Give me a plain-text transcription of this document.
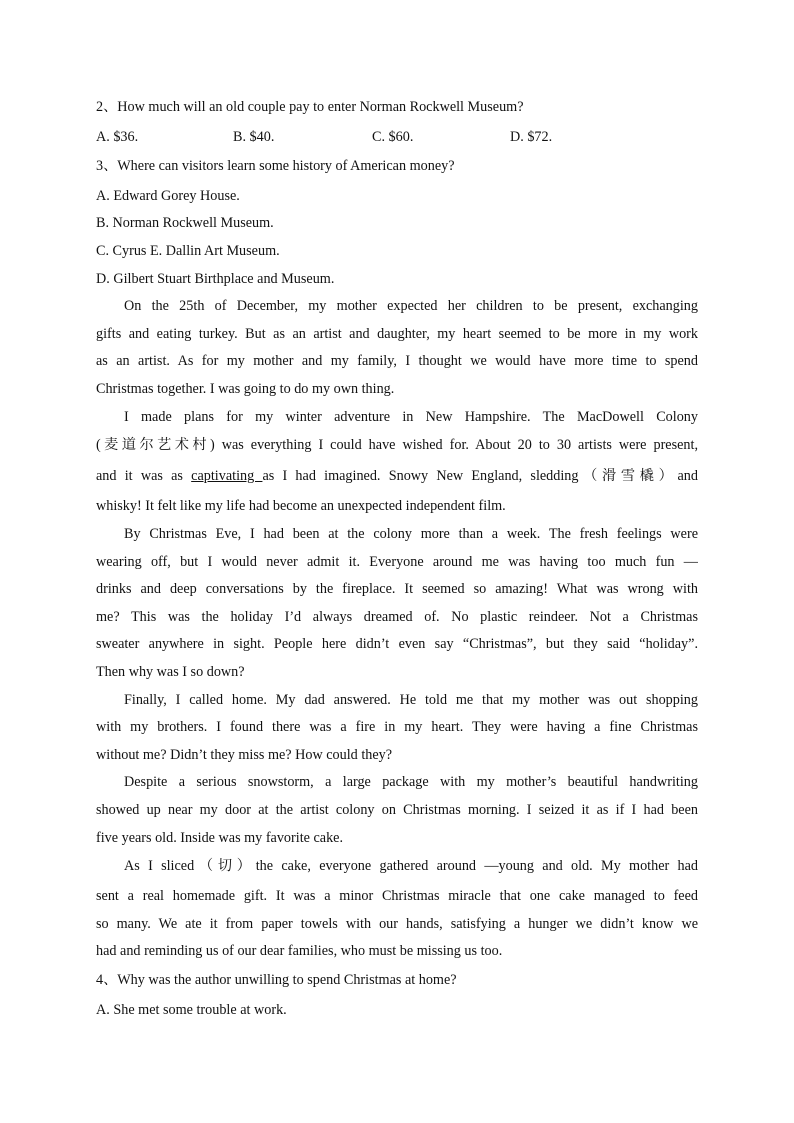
2、How much will an old couple pay to enter Norman Rockwell Museum?
A. $36.	B. $40.	C. $60.	D. $72.
3、Where can visitors learn some history of American money?
A. Edward Gorey House.
B. Norman Rockwell Museum.
C. Cyrus E. Dallin Art Museum.
D. Gilbert Stuart Birthplace and Museum.
On the 25th of December, my mother expected her children to be present, exchanging
gifts and eating turkey. But as an artist and daughter, my heart seemed to be more in my work
as an artist. As for my mother and my family, I thought we would have more time to spend
Christmas together. I was going to do my own thing.
I made plans for my winter adventure in New Hampshire. The MacDowell Colony
(麦道尔艺术村) was everything I could have wished for. About 20 to 30 artists were present,
and it was as captivating as I had imagined. Snowy New England, sledding（滑雪橇）and
whisky! It felt like my life had become an unexpected independent film.
By Christmas Eve, I had been at the colony more than a week. The fresh feelings were
wearing off, but I would never admit it. Everyone around me was having too much fun —
drinks and deep conversations by the fireplace. It seemed so amazing! What was wrong with
me? This was the holiday I’d always dreamed of. No plastic reindeer. Not a Christmas
sweater anywhere in sight. People here didn’t even say “Christmas”, but they said “holiday”.
Then why was I so down?
Finally, I called home. My dad answered. He told me that my mother was out shopping
with my brothers. I found there was a fire in my heart. They were having a fine Christmas
without me? Didn’t they miss me? How could they?
Despite a serious snowstorm, a large package with my mother’s beautiful handwriting
showed up near my door at the artist colony on Christmas morning. I seized it as if I had been
five years old. Inside was my favorite cake.
As I sliced（切）the cake, everyone gathered around —young and old. My mother had
sent a real homemade gift. It was a minor Christmas miracle that one cake managed to feed
so many. We ate it from paper towels with our hands, satisfying a hunger we didn’t know we
had and reminding us of our dear families, who must be missing us too.
4、Why was the author unwilling to spend Christmas at home?
A. She met some trouble at work.
